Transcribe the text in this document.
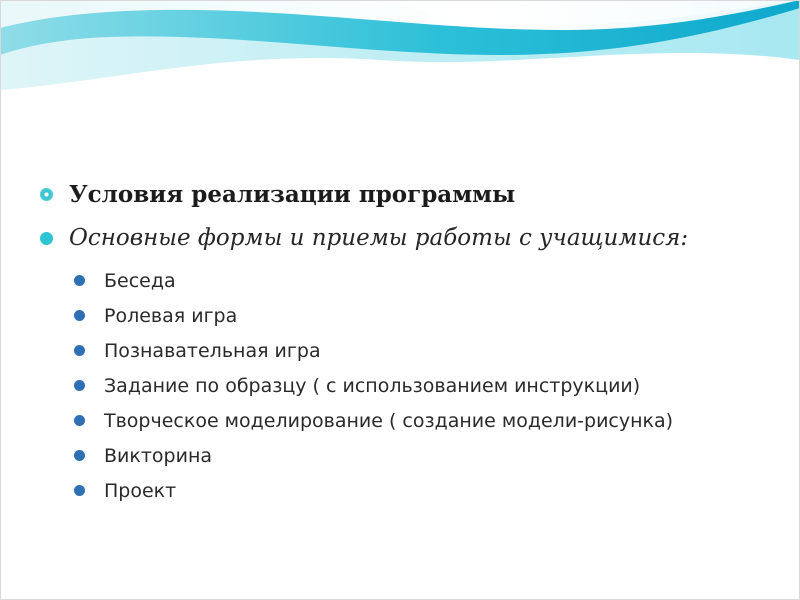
Условия реализации программы
Основные формы и приемы работы с учащимися:
Беседа
Ролевая игра
Познавательная игра
Задание по образцу ( с использованием инструкции)
Творческое моделирование ( создание модели-рисунка)
Викторина
Проект
